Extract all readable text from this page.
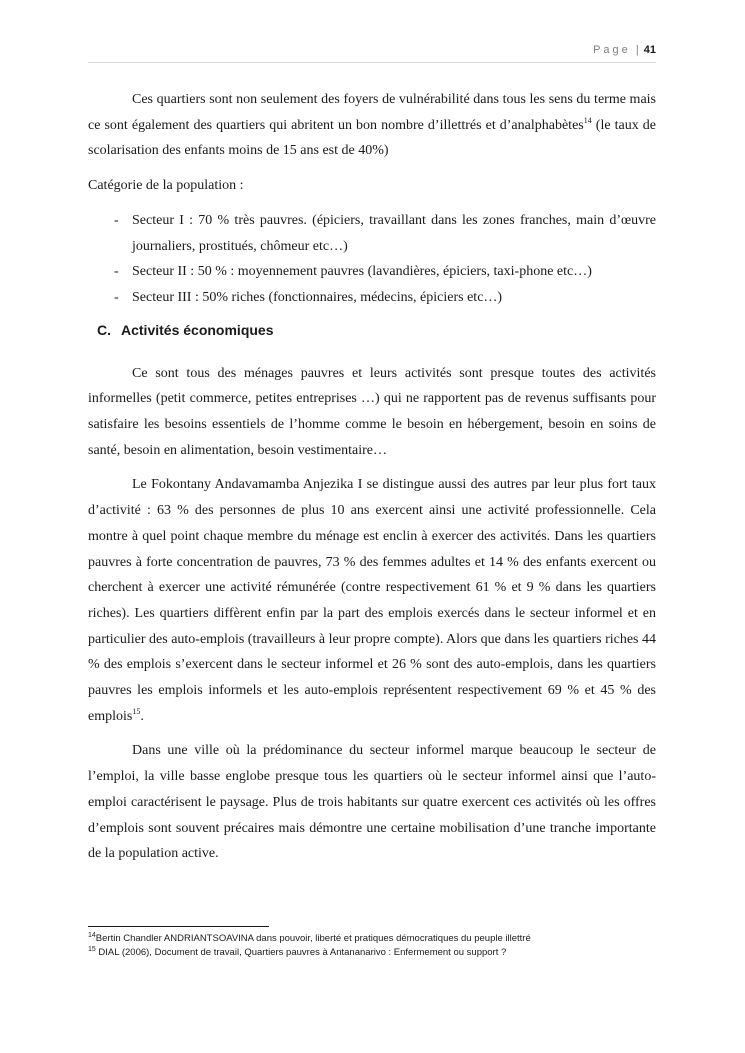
Page | 41

Ces quartiers sont non seulement des foyers de vulnérabilité dans tous les sens du terme mais ce sont également des quartiers qui abritent un bon nombre d’illettrés et d’analphabètes$^{14}$ (le taux de scolarisation des enfants moins de 15 ans est de 40%)

Catégorie de la population :

- Secteur I : 70 % très pauvres. (épiciers, travaillant dans les zones franches, main d’œuvre journaliers, prostitués, chômeur etc…)
- Secteur II : 50 % : moyennement pauvres (lavandières, épiciers, taxi-phone etc…)
- Secteur III : 50% riches (fonctionnaires, médecins, épiciers etc…)
C. Activités économiques

Ce sont tous des ménages pauvres et leurs activités sont presque toutes des activités informelles (petit commerce, petites entreprises …) qui ne rapportent pas de revenus suffisants pour satisfaire les besoins essentiels de l’homme comme le besoin en hébergement, besoin en soins de santé, besoin en alimentation, besoin vestimentaire…

Le Fokontany Andavamamba Anjezika I se distingue aussi des autres par leur plus fort taux d’activité : 63 % des personnes de plus 10 ans exercent ainsi une activité professionnelle. Cela montre à quel point chaque membre du ménage est enclin à exercer des activités. Dans les quartiers pauvres à forte concentration de pauvres, 73 % des femmes adultes et 14 % des enfants exercent ou cherchent à exercer une activité rémunérée (contre respectivement 61 % et 9 % dans les quartiers riches). Les quartiers diffèrent enfin par la part des emplois exercés dans le secteur informel et en particulier des auto-emplois (travailleurs à leur propre compte). Alors que dans les quartiers riches 44 % des emplois s’exercent dans le secteur informel et 26 % sont des auto-emplois, dans les quartiers pauvres les emplois informels et les auto-emplois représentent respectivement 69 % et 45 % des emplois$^{15}$.

Dans une ville où la prédominance du secteur informel marque beaucoup le secteur de l’emploi, la ville basse englobe presque tous les quartiers où le secteur informel ainsi que l’auto-emploi caractérisent le paysage. Plus de trois habitants sur quatre exercent ces activités où les offres d’emplois sont souvent précaires mais démontre une certaine mobilisation d’une tranche importante de la population active.

$^{14}$Bertin Chandler ANDRIANTSOAVINA dans pouvoir, liberté et pratiques démocratiques du peuple illettré
$^{15}$ DIAL (2006), Document de travail, Quartiers pauvres à Antananarivo : Enfermement ou support ?
